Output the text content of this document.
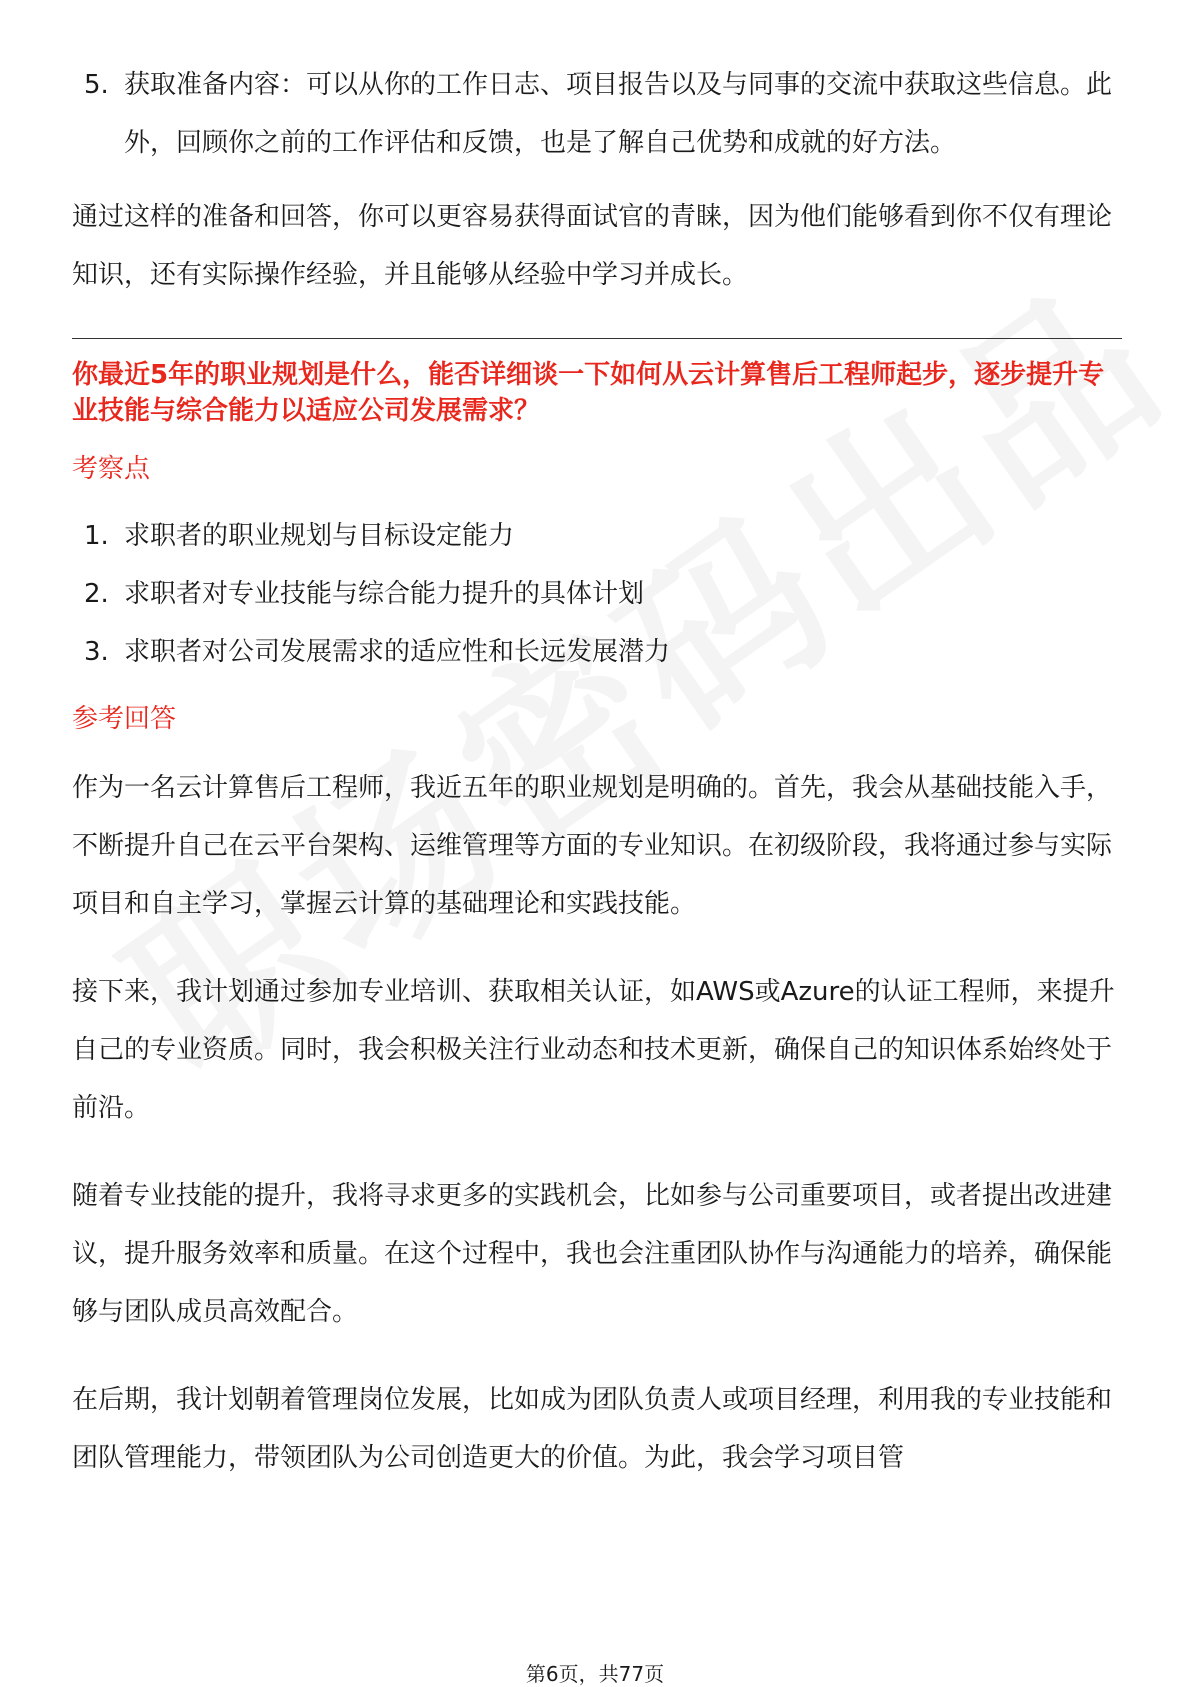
5. 获取准备内容：可以从你的工作日志、项目报告以及与同事的交流中获取这些信息。此外，回顾你之前的工作评估和反馈，也是了解自己优势和成就的好方法。

通过这样的准备和回答，你可以更容易获得面试官的青睐，因为他们能够看到你不仅有理论知识，还有实际操作经验，并且能够从经验中学习并成长。

你最近5年的职业规划是什么，能否详细谈一下如何从云计算售后工程师起步，逐步提升专业技能与综合能力以适应公司发展需求？

考察点

1. 求职者的职业规划与目标设定能力
2. 求职者对专业技能与综合能力提升的具体计划
3. 求职者对公司发展需求的适应性和长远发展潜力

参考回答

作为一名云计算售后工程师，我近五年的职业规划是明确的。首先，我会从基础技能入手，不断提升自己在云平台架构、运维管理等方面的专业知识。在初级阶段，我将通过参与实际项目和自主学习，掌握云计算的基础理论和实践技能。

接下来，我计划通过参加专业培训、获取相关认证，如AWS或Azure的认证工程师，来提升自己的专业资质。同时，我会积极关注行业动态和技术更新，确保自己的知识体系始终处于前沿。

随着专业技能的提升，我将寻求更多的实践机会，比如参与公司重要项目，或者提出改进建议，提升服务效率和质量。在这个过程中，我也会注重团队协作与沟通能力的培养，确保能够与团队成员高效配合。

在后期，我计划朝着管理岗位发展，比如成为团队负责人或项目经理，利用我的专业技能和团队管理能力，带领团队为公司创造更大的价值。为此，我会学习项目管

第6页，共77页
